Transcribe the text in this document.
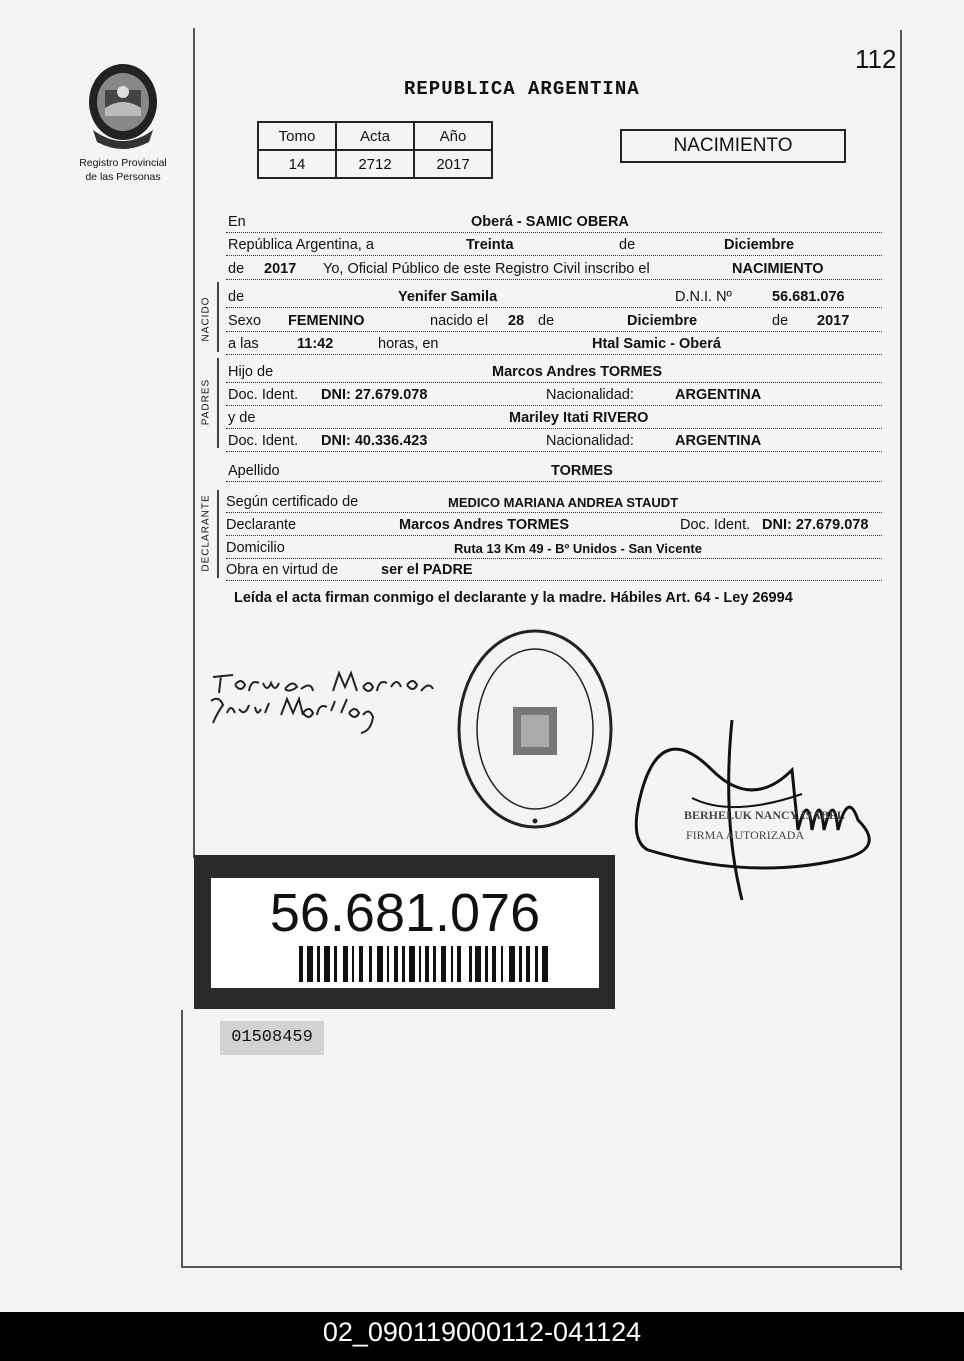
112
Registro Provincial
de las Personas
REPUBLICA ARGENTINA
Tomo	Acta	Año
14	2712	2017
NACIMIENTO
En	Oberá - SAMIC OBERA
República Argentina, a	Treinta	de	Diciembre
de 2017 Yo, Oficial Público de este Registro Civil inscribo el	NACIMIENTO
NACIDO de	Yenifer Samila	D.N.I. Nº	56.681.076
Sexo FEMENINO	nacido el 28 de	Diciembre	de 2017
a las	11:42	horas, en	Htal Samic - Oberá
PADRES
Hijo de	Marcos Andres TORMES
Doc. Ident. DNI: 27.679.078	Nacionalidad:	ARGENTINA
y de	Mariley Itati RIVERO
Doc. Ident. DNI: 40.336.423	Nacionalidad:	ARGENTINA
Apellido	TORMES
DECLARANTE Según certificado de	MEDICO MARIANA ANDREA STAUDT
Declarante	Marcos Andres TORMES	Doc. Ident. DNI: 27.679.078
Domicilio	Ruta 13 Km 49 - Bº Unidos - San Vicente
Obra en virtud de	ser el PADRE
Leída el acta firman conmigo el declarante y la madre. Hábiles Art. 64 - Ley 26994
BERHELUK NANCY ISABEL
FIRMA AUTORIZADA
56.681.076
01508459
02_090119000112-041124
